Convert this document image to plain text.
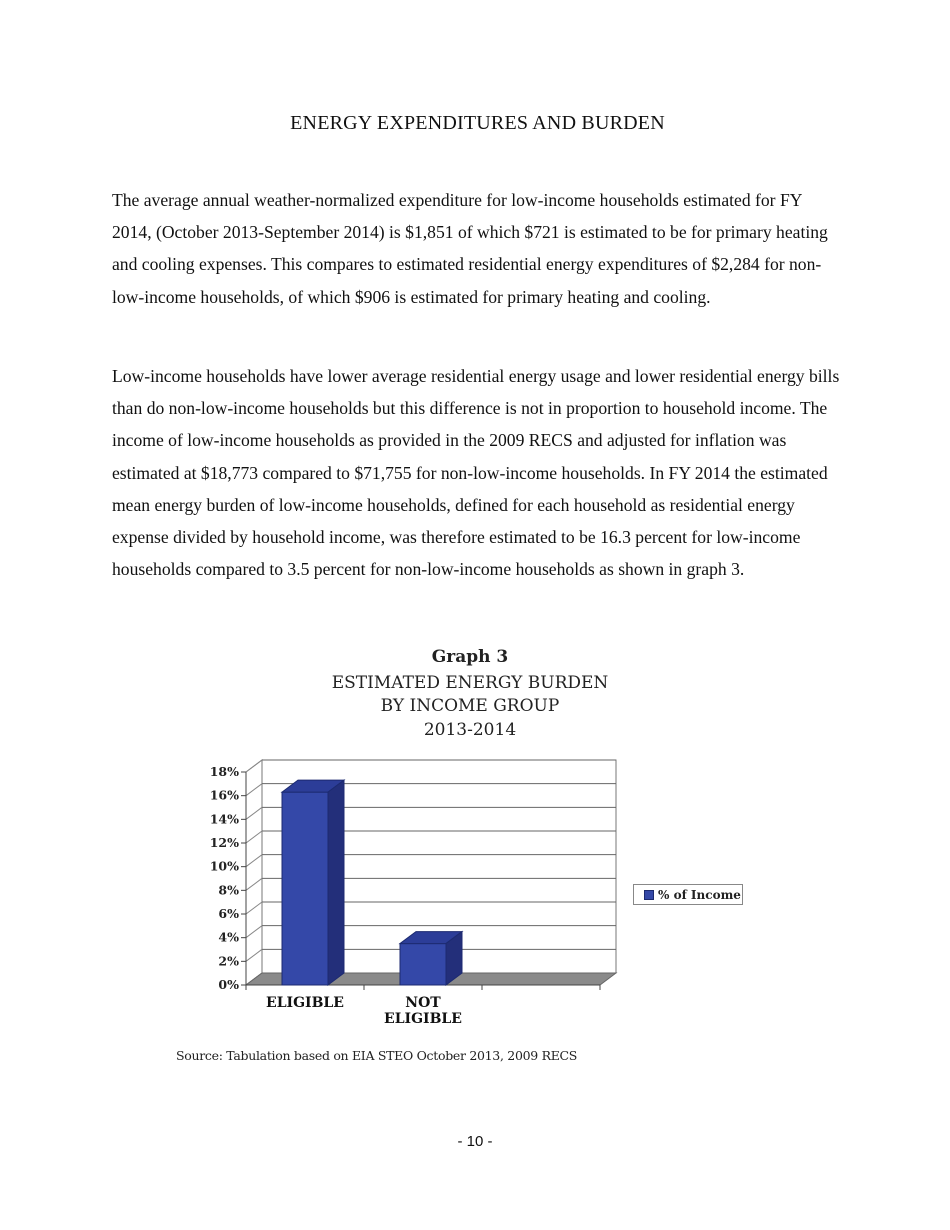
ENERGY EXPENDITURES AND BURDEN

The average annual weather-normalized expenditure for low-income households estimated for FY 2014, (October 2013-September 2014) is $1,851 of which $721 is estimated to be for primary heating and cooling expenses. This compares to estimated residential energy expenditures of $2,284 for non-low-income households, of which $906 is estimated for primary heating and cooling.

Low-income households have lower average residential energy usage and lower residential energy bills than do non-low-income households but this difference is not in proportion to household income. The income of low-income households as provided in the 2009 RECS and adjusted for inflation was estimated at $18,773 compared to $71,755 for non-low-income households. In FY 2014 the estimated mean energy burden of low-income households, defined for each household as residential energy expense divided by household income, was therefore estimated to be 16.3 percent for low-income households compared to 3.5 percent for non-low-income households as shown in graph 3.

Graph 3

ESTIMATED ENERGY BURDEN

BY INCOME GROUP

2013-2014

0%
2%
4%
6%
8%
10%
12%
14%
16%
18%
ELIGIBLE	NOT
ELIGIBLE
% of Income

Source: Tabulation based on EIA STEO October 2013, 2009 RECS

- 10 -
